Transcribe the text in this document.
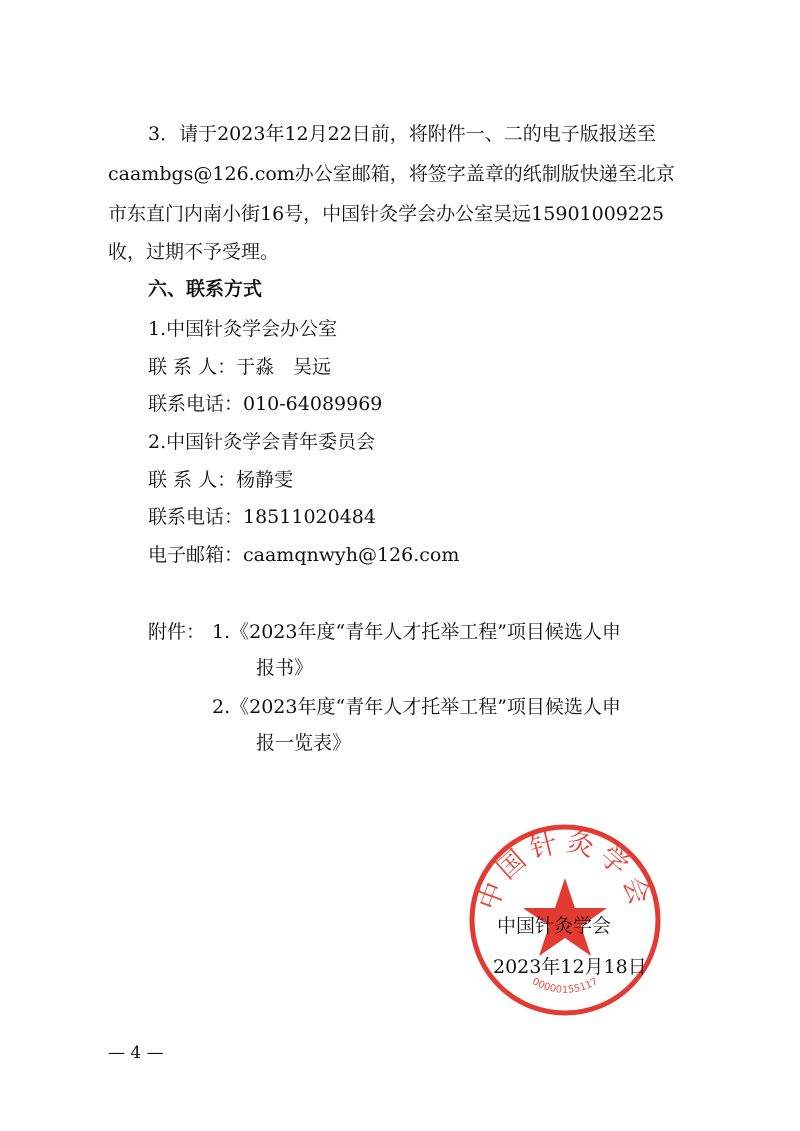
3．请于2023年12月22日前，将附件一、二的电子版报送至
caambgs@126.com办公室邮箱，将签字盖章的纸制版快递至北京
市东直门内南小街16号，中国针灸学会办公室吴远15901009225
收，过期不予受理。
六、联系方式
1.中国针灸学会办公室
联 系 人：于淼　吴远
联系电话：010-64089969
2.中国针灸学会青年委员会
联 系 人：杨静雯
联系电话：18511020484
电子邮箱：caamqnwyh@126.com
附件： 1.《2023年度“青年人才托举工程”项目候选人申
报书》
2.《2023年度“青年人才托举工程”项目候选人申
报一览表》
中国针灸学会
00000155117
中国针灸学会
2023年12月18日
— 4 —
